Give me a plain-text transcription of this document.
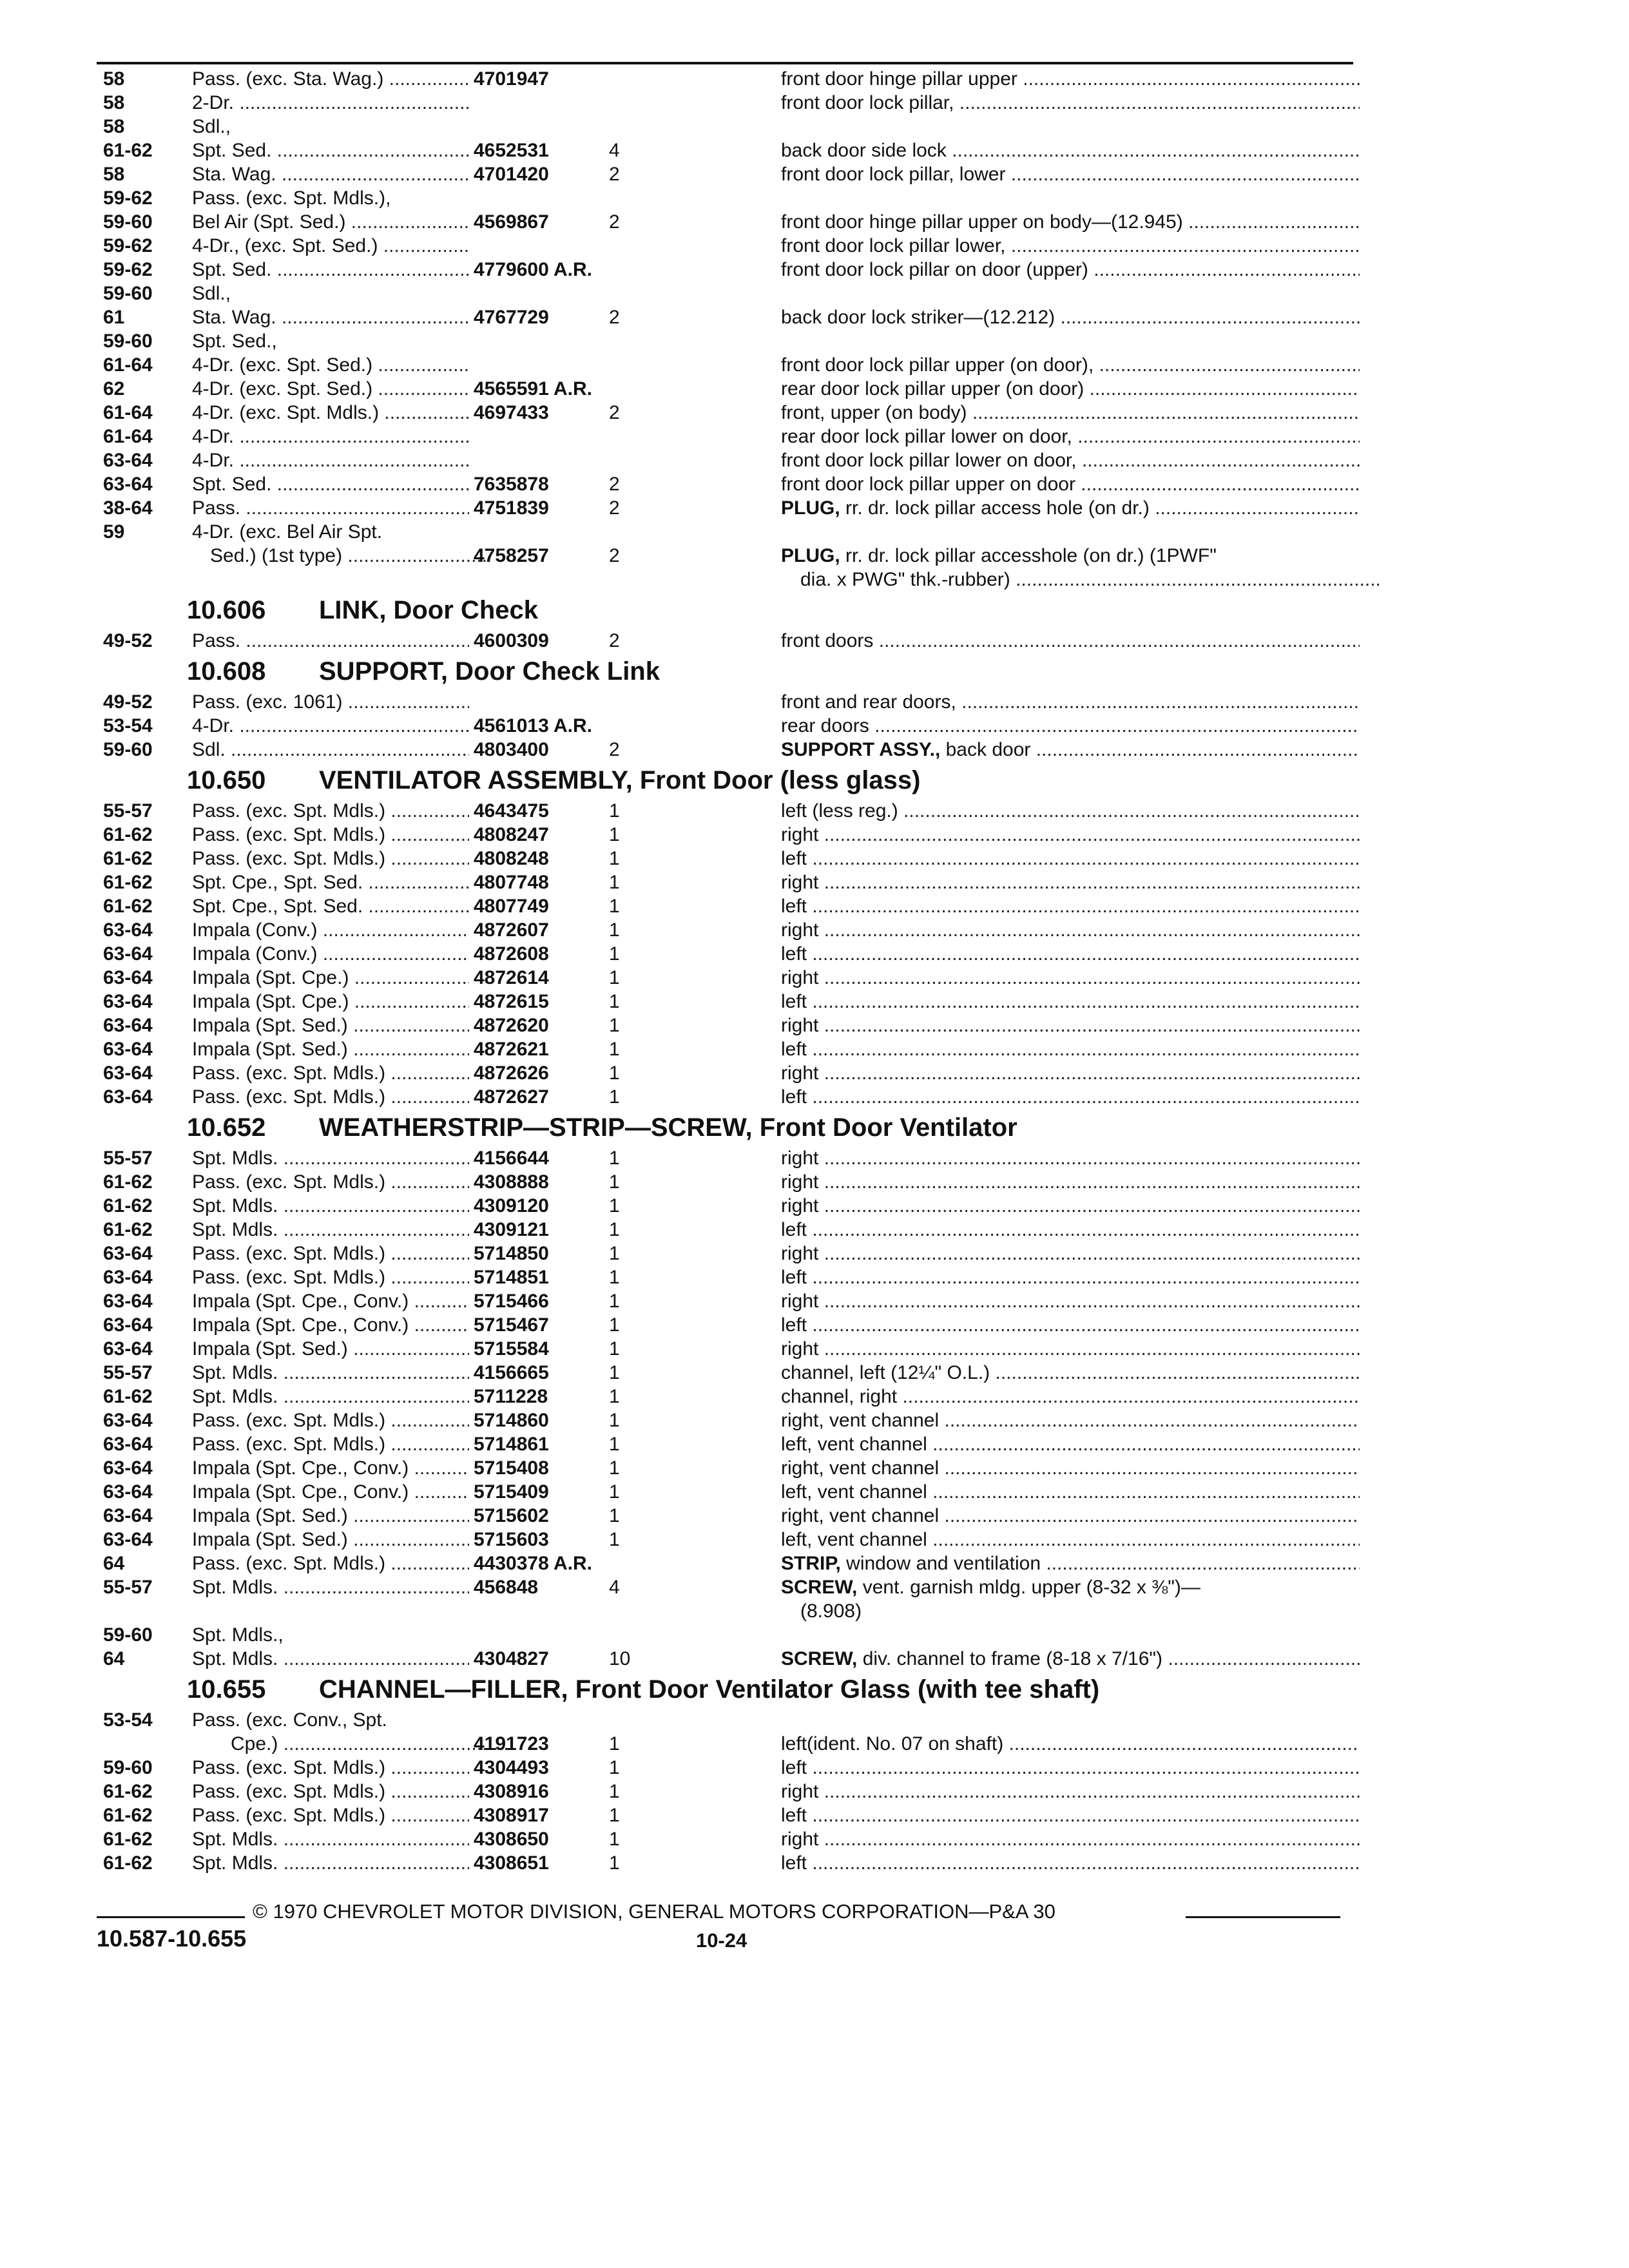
58	Pass. (exc. Sta. Wag.) .....	4701947	front door hinge pillar upper .....
58	2-Dr. .....	front door lock pillar, .....
58	Sdl.,
61-62	Spt. Sed. .....	4652531	4	back door side lock .....
58	Sta. Wag. .....	4701420	2	front door lock pillar, lower .....
59-62	Pass. (exc. Spt. Mdls.),
59-60	Bel Air (Spt. Sed.) .....	4569867	2	front door hinge pillar upper on body—(12.945) .....
59-62	4-Dr., (exc. Spt. Sed.) .....	front door lock pillar lower, .....
59-62	Spt. Sed. .....	4779600 A.R.	front door lock pillar on door (upper) .....
59-60	Sdl.,
61	Sta. Wag. .....	4767729	2	back door lock striker—(12.212) .....
59-60	Spt. Sed.,
61-64	4-Dr. (exc. Spt. Sed.) .....	front door lock pillar upper (on door), .....
62	4-Dr. (exc. Spt. Sed.) .....	4565591 A.R.	rear door lock pillar upper (on door) .....
61-64	4-Dr. (exc. Spt. Mdls.) .....	4697433	2	front, upper (on body) .....
61-64	4-Dr. .....	rear door lock pillar lower on door, .....
63-64	4-Dr. .....	front door lock pillar lower on door, .....
63-64	Spt. Sed. .....	7635878	2	front door lock pillar upper on door .....
38-64	Pass. .....	4751839	2	PLUG, rr. dr. lock pillar access hole (on dr.) .....
59	4-Dr. (exc. Bel Air Spt.
Sed.) (1st type) .....	4758257	2	PLUG, rr. dr. lock pillar accesshole (on dr.) (1PWF"
dia. x PWG" thk.-rubber) .....
10.606 LINK, Door Check
49-52	Pass. .....	4600309	2	front doors .....
10.608 SUPPORT, Door Check Link
49-52	Pass. (exc. 1061) .....	front and rear doors, .....
53-54	4-Dr. .....	4561013 A.R.	rear doors .....
59-60	Sdl. .....	4803400	2	SUPPORT ASSY., back door .....
10.650 VENTILATOR ASSEMBLY, Front Door (less glass)
55-57	Pass. (exc. Spt. Mdls.) .....	4643475	1	left (less reg.) .....
61-62	Pass. (exc. Spt. Mdls.) .....	4808247	1	right .....
61-62	Pass. (exc. Spt. Mdls.) .....	4808248	1	left .....
61-62	Spt. Cpe., Spt. Sed. .....	4807748	1	right .....
61-62	Spt. Cpe., Spt. Sed. .....	4807749	1	left .....
63-64	Impala (Conv.) .....	4872607	1	right .....
63-64	Impala (Conv.) .....	4872608	1	left .....
63-64	Impala (Spt. Cpe.) .....	4872614	1	right .....
63-64	Impala (Spt. Cpe.) .....	4872615	1	left .....
63-64	Impala (Spt. Sed.) .....	4872620	1	right .....
63-64	Impala (Spt. Sed.) .....	4872621	1	left .....
63-64	Pass. (exc. Spt. Mdls.) .....	4872626	1	right .....
63-64	Pass. (exc. Spt. Mdls.) .....	4872627	1	left .....
10.652 WEATHERSTRIP—STRIP—SCREW, Front Door Ventilator
55-57	Spt. Mdls. .....	4156644	1	right .....
61-62	Pass. (exc. Spt. Mdls.) .....	4308888	1	right .....
61-62	Spt. Mdls. .....	4309120	1	right .....
61-62	Spt. Mdls. .....	4309121	1	left .....
63-64	Pass. (exc. Spt. Mdls.) .....	5714850	1	right .....
63-64	Pass. (exc. Spt. Mdls.) .....	5714851	1	left .....
63-64	Impala (Spt. Cpe., Conv.) .....	5715466	1	right .....
63-64	Impala (Spt. Cpe., Conv.) .....	5715467	1	left .....
63-64	Impala (Spt. Sed.) .....	5715584	1	right .....
55-57	Spt. Mdls. .....	4156665	1	channel, left (12¼" O.L.) .....
61-62	Spt. Mdls. .....	5711228	1	channel, right .....
63-64	Pass. (exc. Spt. Mdls.) .....	5714860	1	right, vent channel .....
63-64	Pass. (exc. Spt. Mdls.) .....	5714861	1	left, vent channel .....
63-64	Impala (Spt. Cpe., Conv.) .....	5715408	1	right, vent channel .....
63-64	Impala (Spt. Cpe., Conv.) .....	5715409	1	left, vent channel .....
63-64	Impala (Spt. Sed.) .....	5715602	1	right, vent channel .....
63-64	Impala (Spt. Sed.) .....	5715603	1	left, vent channel .....
64	Pass. (exc. Spt. Mdls.) .....	4430378 A.R.	STRIP, window and ventilation .....
55-57	Spt. Mdls. .....	456848	4	SCREW, vent. garnish mldg. upper (8-32 x ⅜")—
(8.908)
59-60	Spt. Mdls.,
64	Spt. Mdls. .....	4304827	10	SCREW, div. channel to frame (8-18 x 7/16") .....
10.655 CHANNEL—FILLER, Front Door Ventilator Glass (with tee shaft)
53-54	Pass. (exc. Conv., Spt.
Cpe.) .....	4191723	1	left(ident. No. 07 on shaft) .....
59-60	Pass. (exc. Spt. Mdls.) .....	4304493	1	left .....
61-62	Pass. (exc. Spt. Mdls.) .....	4308916	1	right .....
61-62	Pass. (exc. Spt. Mdls.) .....	4308917	1	left .....
61-62	Spt. Mdls. .....	4308650	1	right .....
61-62	Spt. Mdls. .....	4308651	1	left .....
© 1970 CHEVROLET MOTOR DIVISION, GENERAL MOTORS CORPORATION—P&A 30
10.587-10.655	10-24
